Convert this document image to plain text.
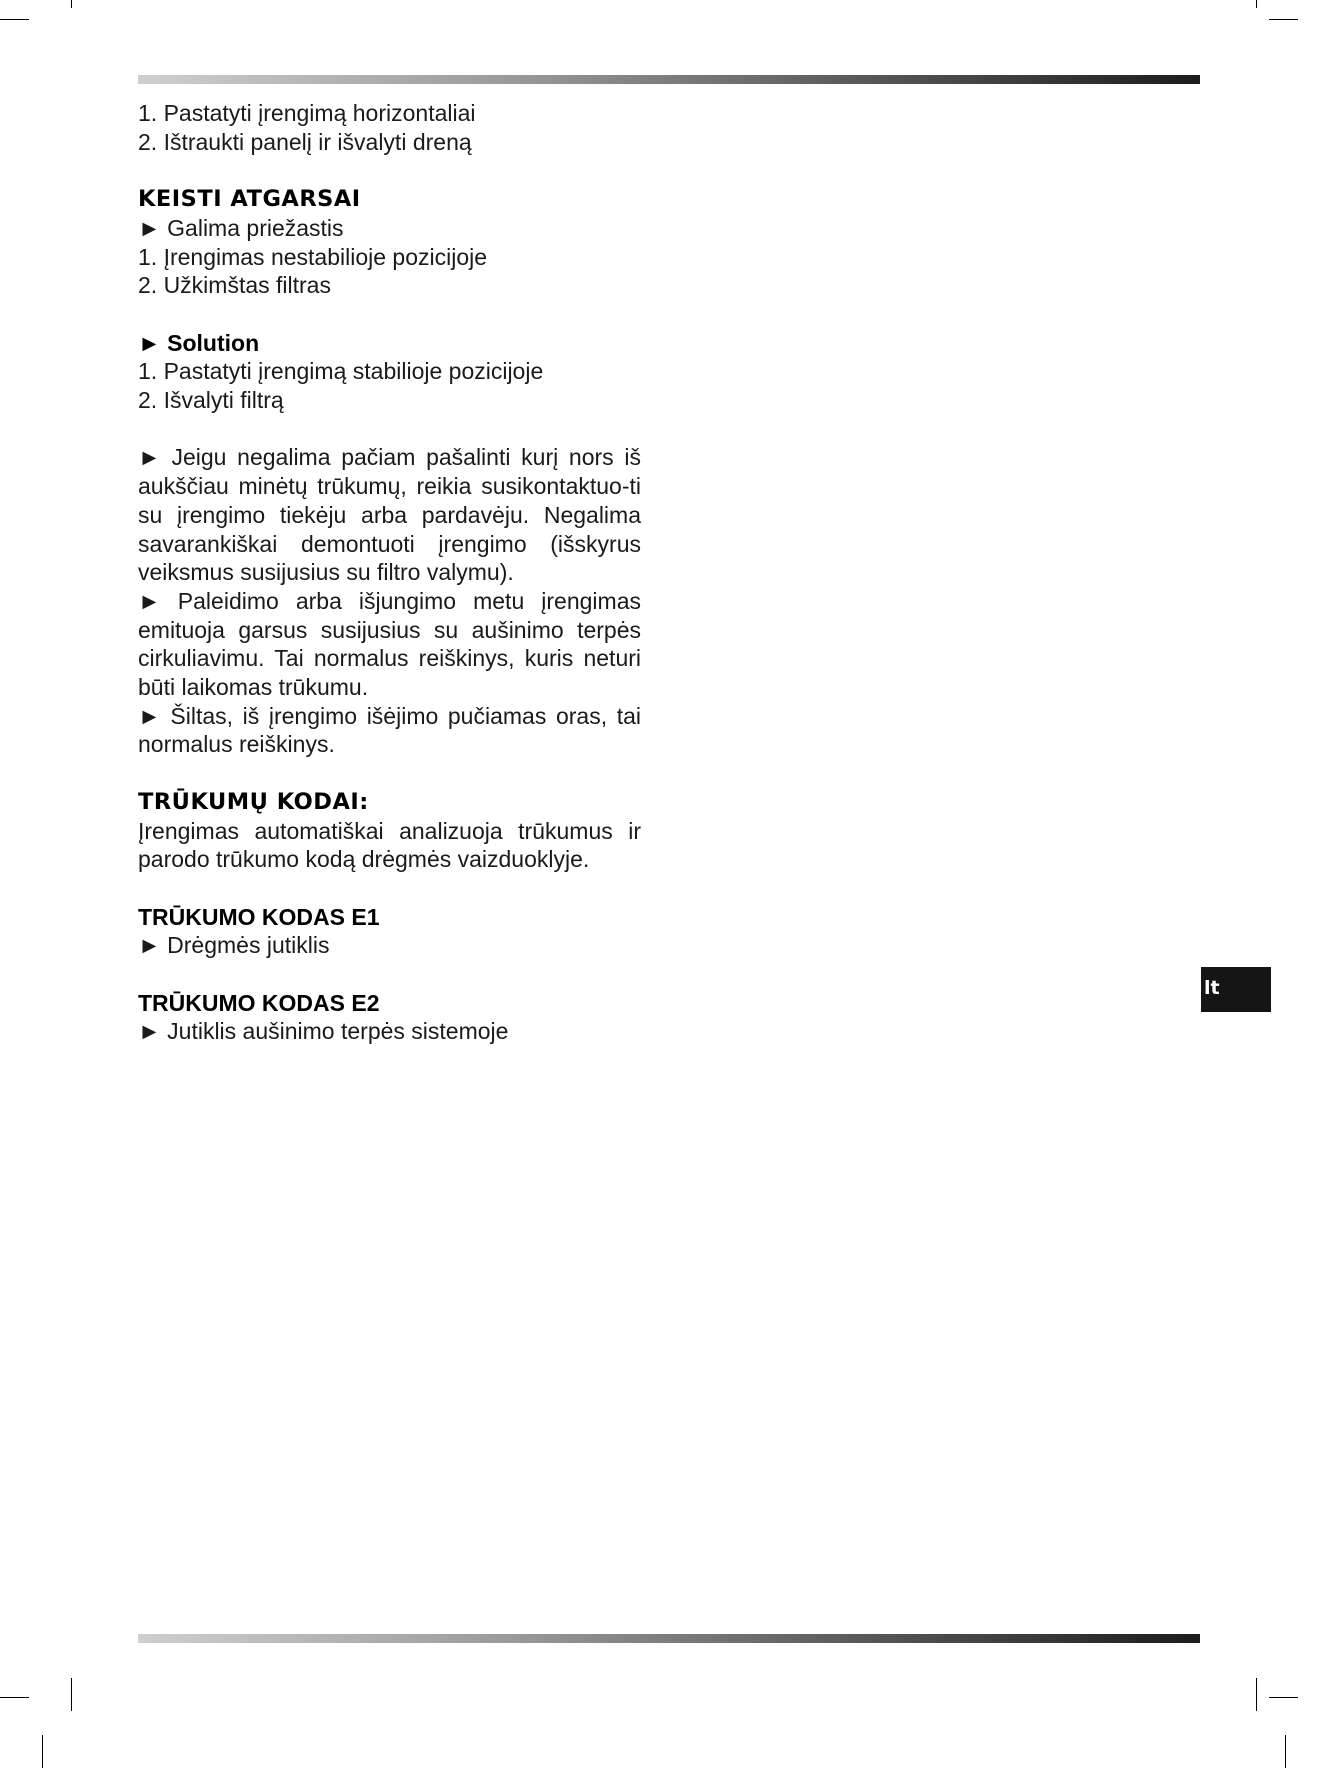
1. Pastatyti įrengimą horizontaliai

2. Ištraukti panelį ir išvalyti dreną

KEISTI ATGARSAI

► Galima priežastis

1. Įrengimas nestabilioje pozicijoje

2. Užkimštas filtras

► Solution

1. Pastatyti įrengimą stabilioje pozicijoje

2. Išvalyti filtrą

► Jeigu negalima pačiam pašalinti kurį nors iš aukščiau minėtų trūkumų, reikia susikontaktuo-ti su įrengimo tiekėju arba pardavėju. Negalima savarankiškai demontuoti įrengimo (išskyrus veiksmus susijusius su filtro valymu).

► Paleidimo arba išjungimo metu įrengimas emituoja garsus susijusius su aušinimo terpės cirkuliavimu. Tai normalus reiškinys, kuris neturi būti laikomas trūkumu.

► Šiltas, iš įrengimo išėjimo pučiamas oras, tai normalus reiškinys.

TRŪKUMŲ KODAI:

Įrengimas automatiškai analizuoja trūkumus ir parodo trūkumo kodą drėgmės vaizduoklyje.

TRŪKUMO KODAS E1

► Drėgmės jutiklis

TRŪKUMO KODAS E2

► Jutiklis aušinimo terpės sistemoje

lt
